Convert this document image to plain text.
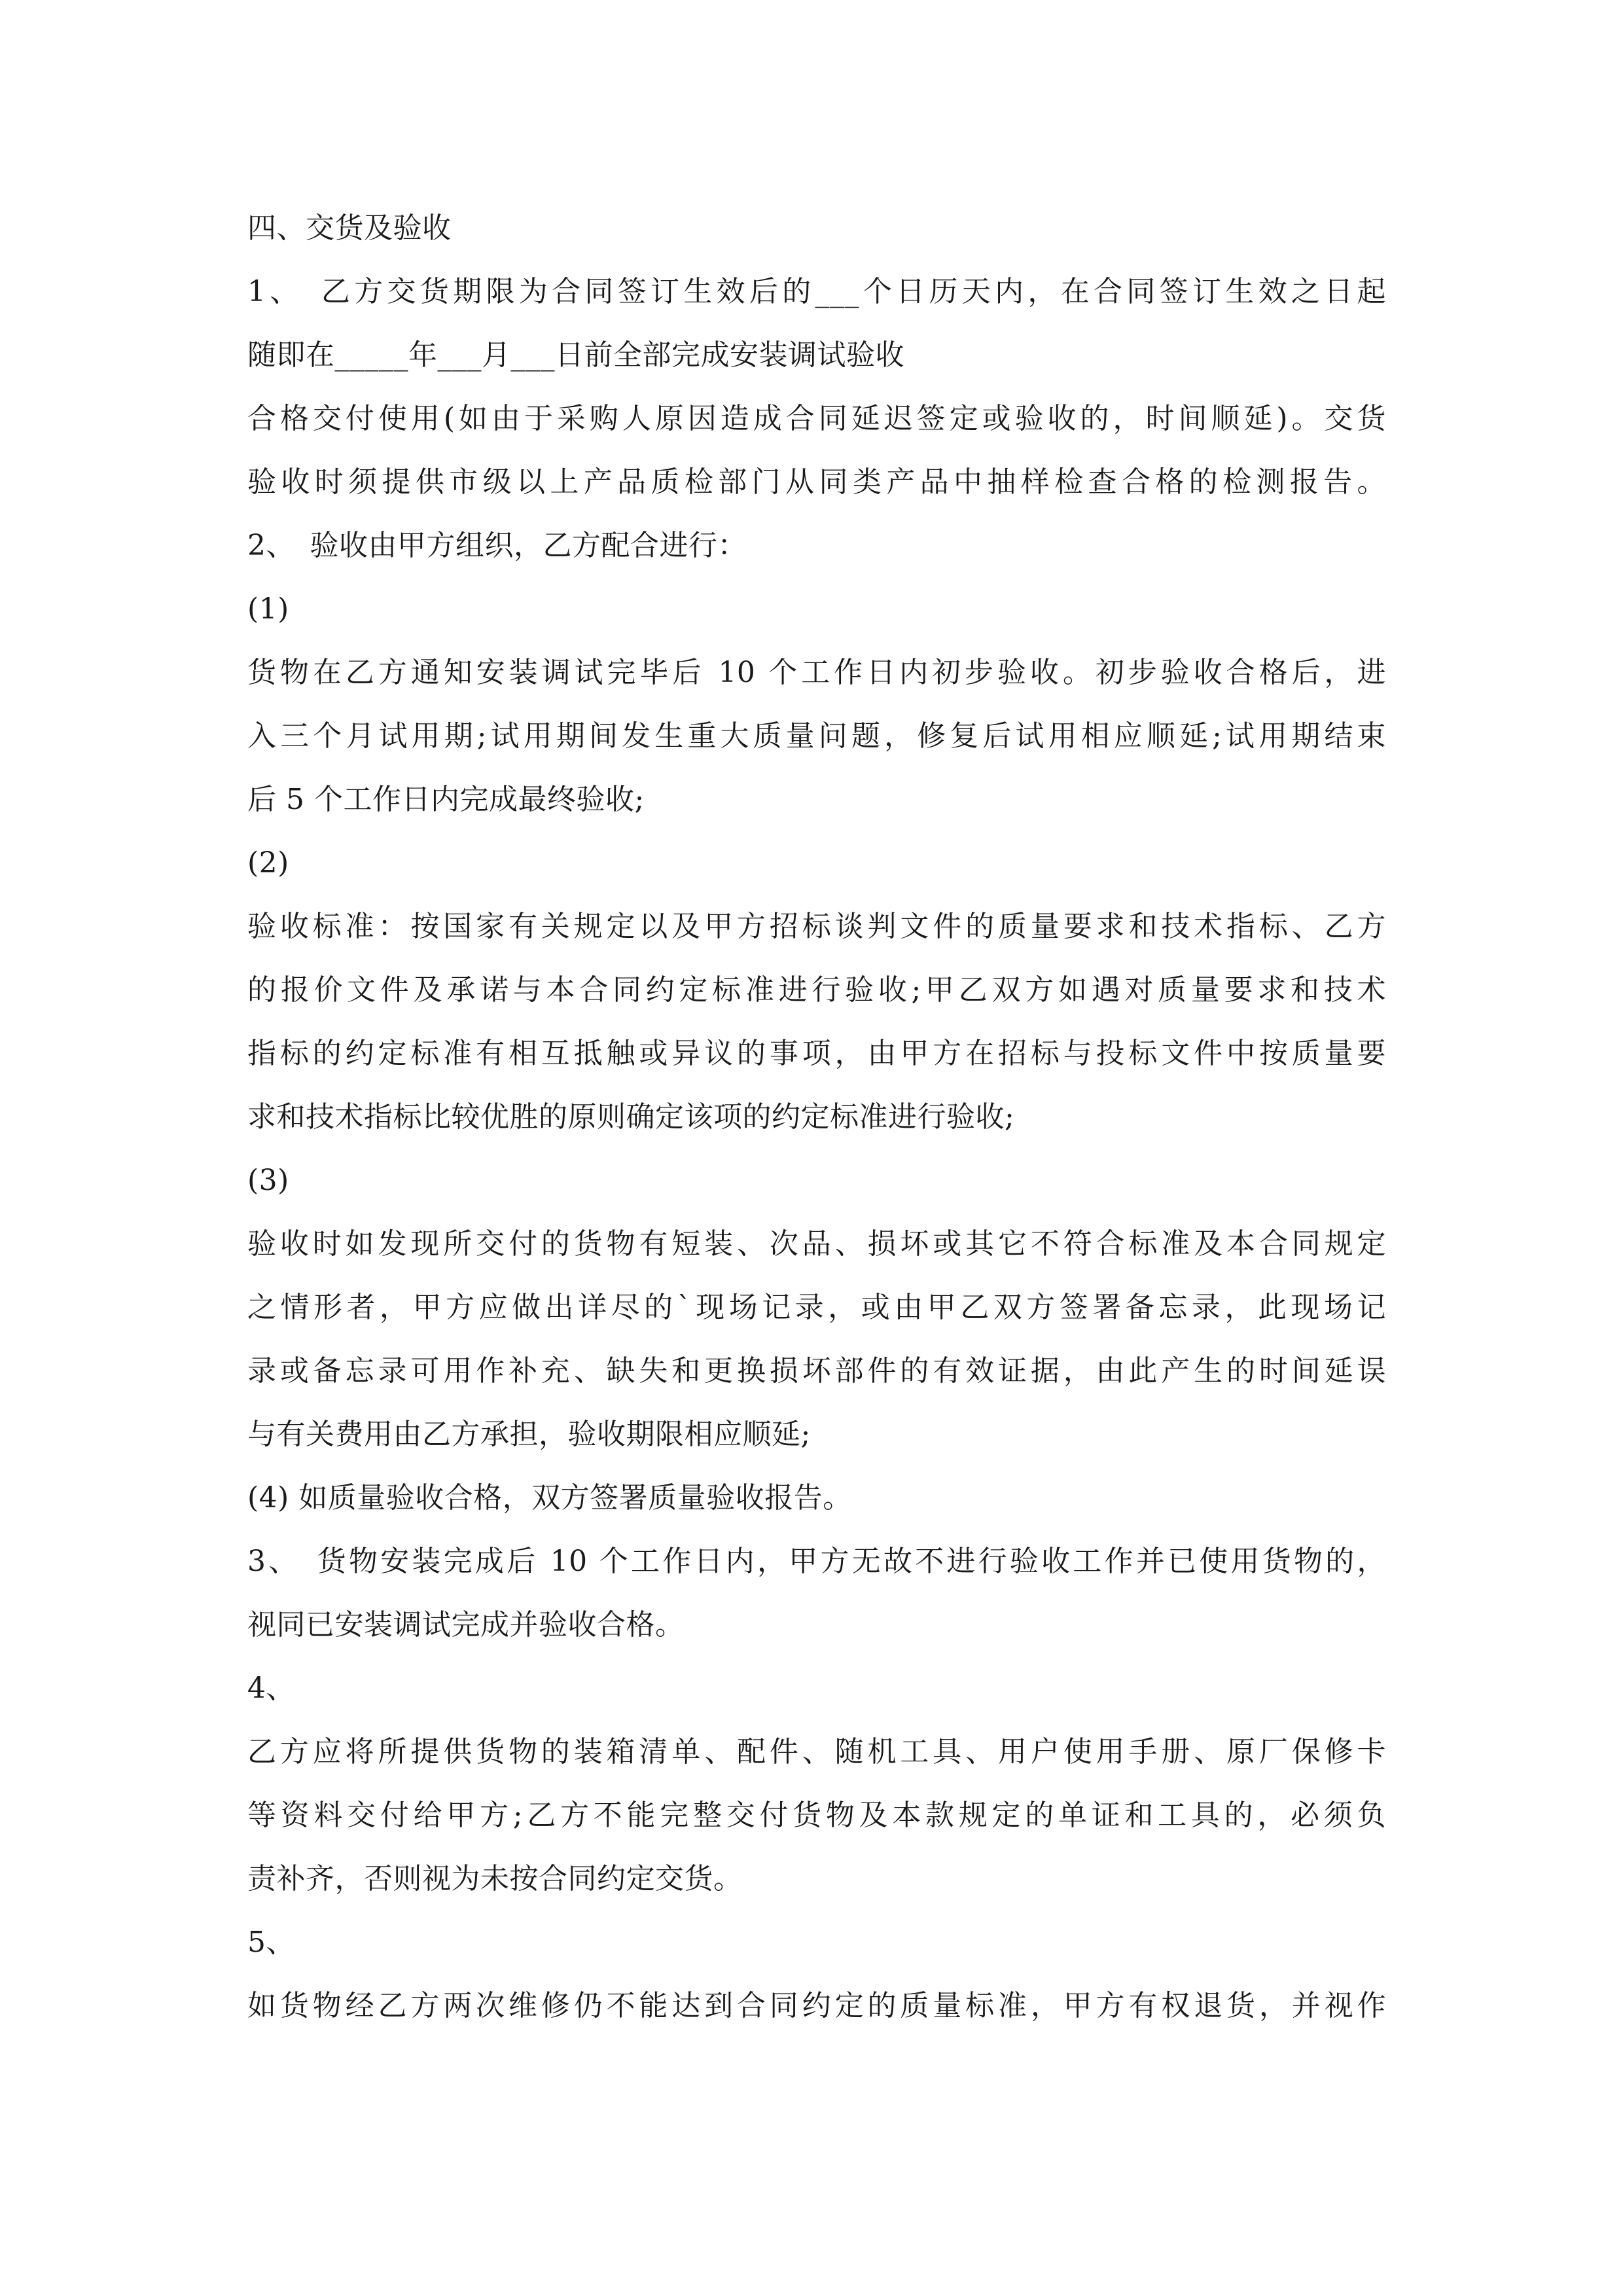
四、交货及验收
1、　乙方交货期限为合同签订生效后的___个日历天内，在合同签订生效之日起
随即在_____年___月___日前全部完成安装调试验收
合格交付使用(如由于采购人原因造成合同延迟签定或验收的，时间顺延)。交货
验收时须提供市级以上产品质检部门从同类产品中抽样检查合格的检测报告。
2、　验收由甲方组织，乙方配合进行：
(1)
货物在乙方通知安装调试完毕后 10 个工作日内初步验收。初步验收合格后，进
入三个月试用期;试用期间发生重大质量问题，修复后试用相应顺延;试用期结束
后 5 个工作日内完成最终验收;
(2)
验收标准：按国家有关规定以及甲方招标谈判文件的质量要求和技术指标、乙方
的报价文件及承诺与本合同约定标准进行验收;甲乙双方如遇对质量要求和技术
指标的约定标准有相互抵触或异议的事项，由甲方在招标与投标文件中按质量要
求和技术指标比较优胜的原则确定该项的约定标准进行验收;
(3)
验收时如发现所交付的货物有短装、次品、损坏或其它不符合标准及本合同规定
之情形者，甲方应做出详尽的`现场记录，或由甲乙双方签署备忘录，此现场记
录或备忘录可用作补充、缺失和更换损坏部件的有效证据，由此产生的时间延误
与有关费用由乙方承担，验收期限相应顺延;
(4) 如质量验收合格，双方签署质量验收报告。
3、　货物安装完成后 10 个工作日内，甲方无故不进行验收工作并已使用货物的，
视同已安装调试完成并验收合格。
4、
乙方应将所提供货物的装箱清单、配件、随机工具、用户使用手册、原厂保修卡
等资料交付给甲方;乙方不能完整交付货物及本款规定的单证和工具的，必须负
责补齐，否则视为未按合同约定交货。
5、
如货物经乙方两次维修仍不能达到合同约定的质量标准，甲方有权退货，并视作
